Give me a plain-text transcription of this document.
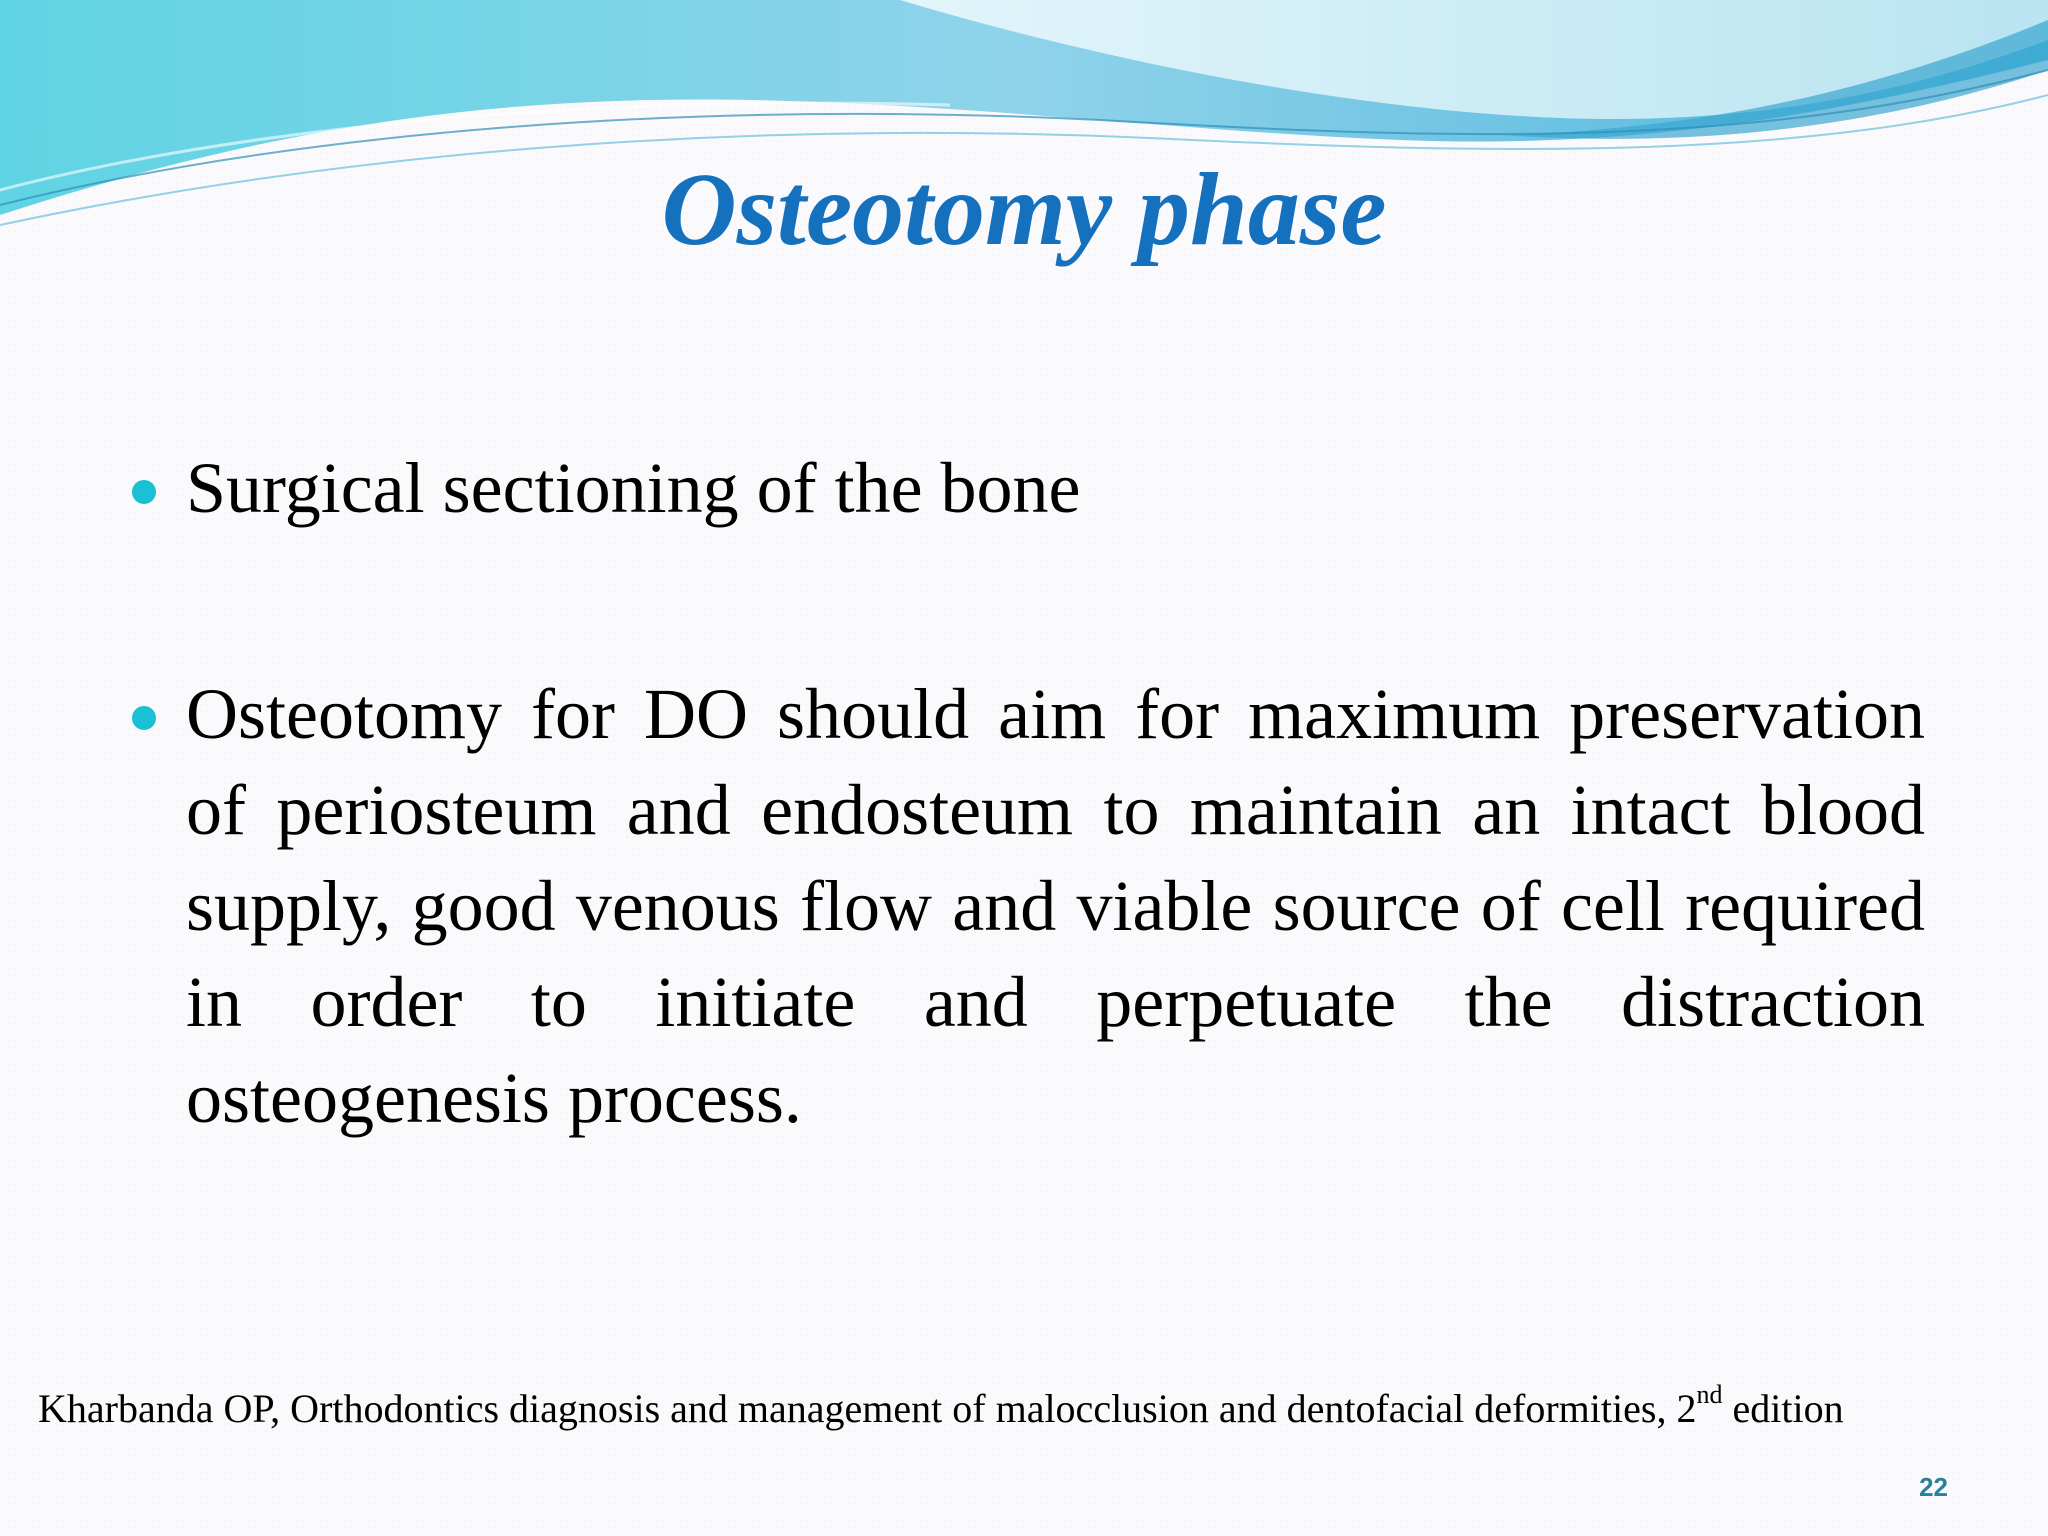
Osteotomy phase
Surgical sectioning of the bone
Osteotomy for DO should aim for maximum preservation of periosteum and endosteum to maintain an intact blood supply, good venous flow and viable source of cell required in order to initiate and perpetuate the distraction osteogenesis process.
Kharbanda OP, Orthodontics diagnosis and management of malocclusion and dentofacial deformities, 2nd edition
22
